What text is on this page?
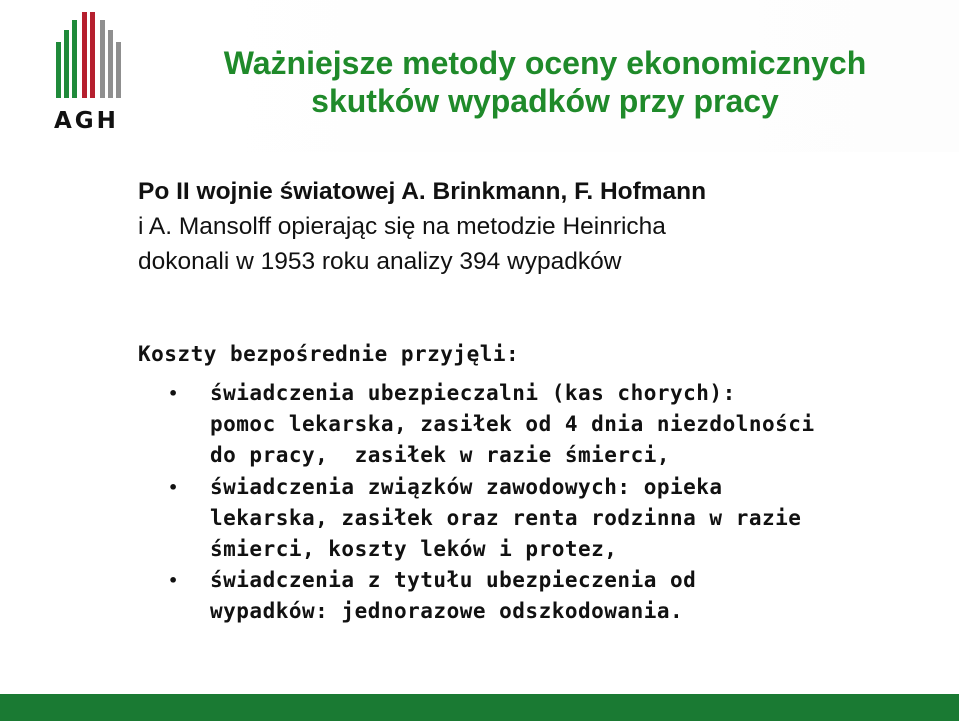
AGH
Ważniejsze metody oceny ekonomicznych
skutków wypadków przy pracy
Po II wojnie światowej A. Brinkmann, F. Hofmann
i A. Mansolff opierając się na metodzie Heinricha
dokonali w 1953 roku analizy 394 wypadków
Koszty bezpośrednie przyjęli:
• świadczenia ubezpieczalni (kas chorych):
pomoc lekarska, zasiłek od 4 dnia niezdolności
do pracy,  zasiłek w razie śmierci,
• świadczenia związków zawodowych: opieka
lekarska, zasiłek oraz renta rodzinna w razie
śmierci, koszty leków i protez,
• świadczenia z tytułu ubezpieczenia od
wypadków: jednorazowe odszkodowania.
